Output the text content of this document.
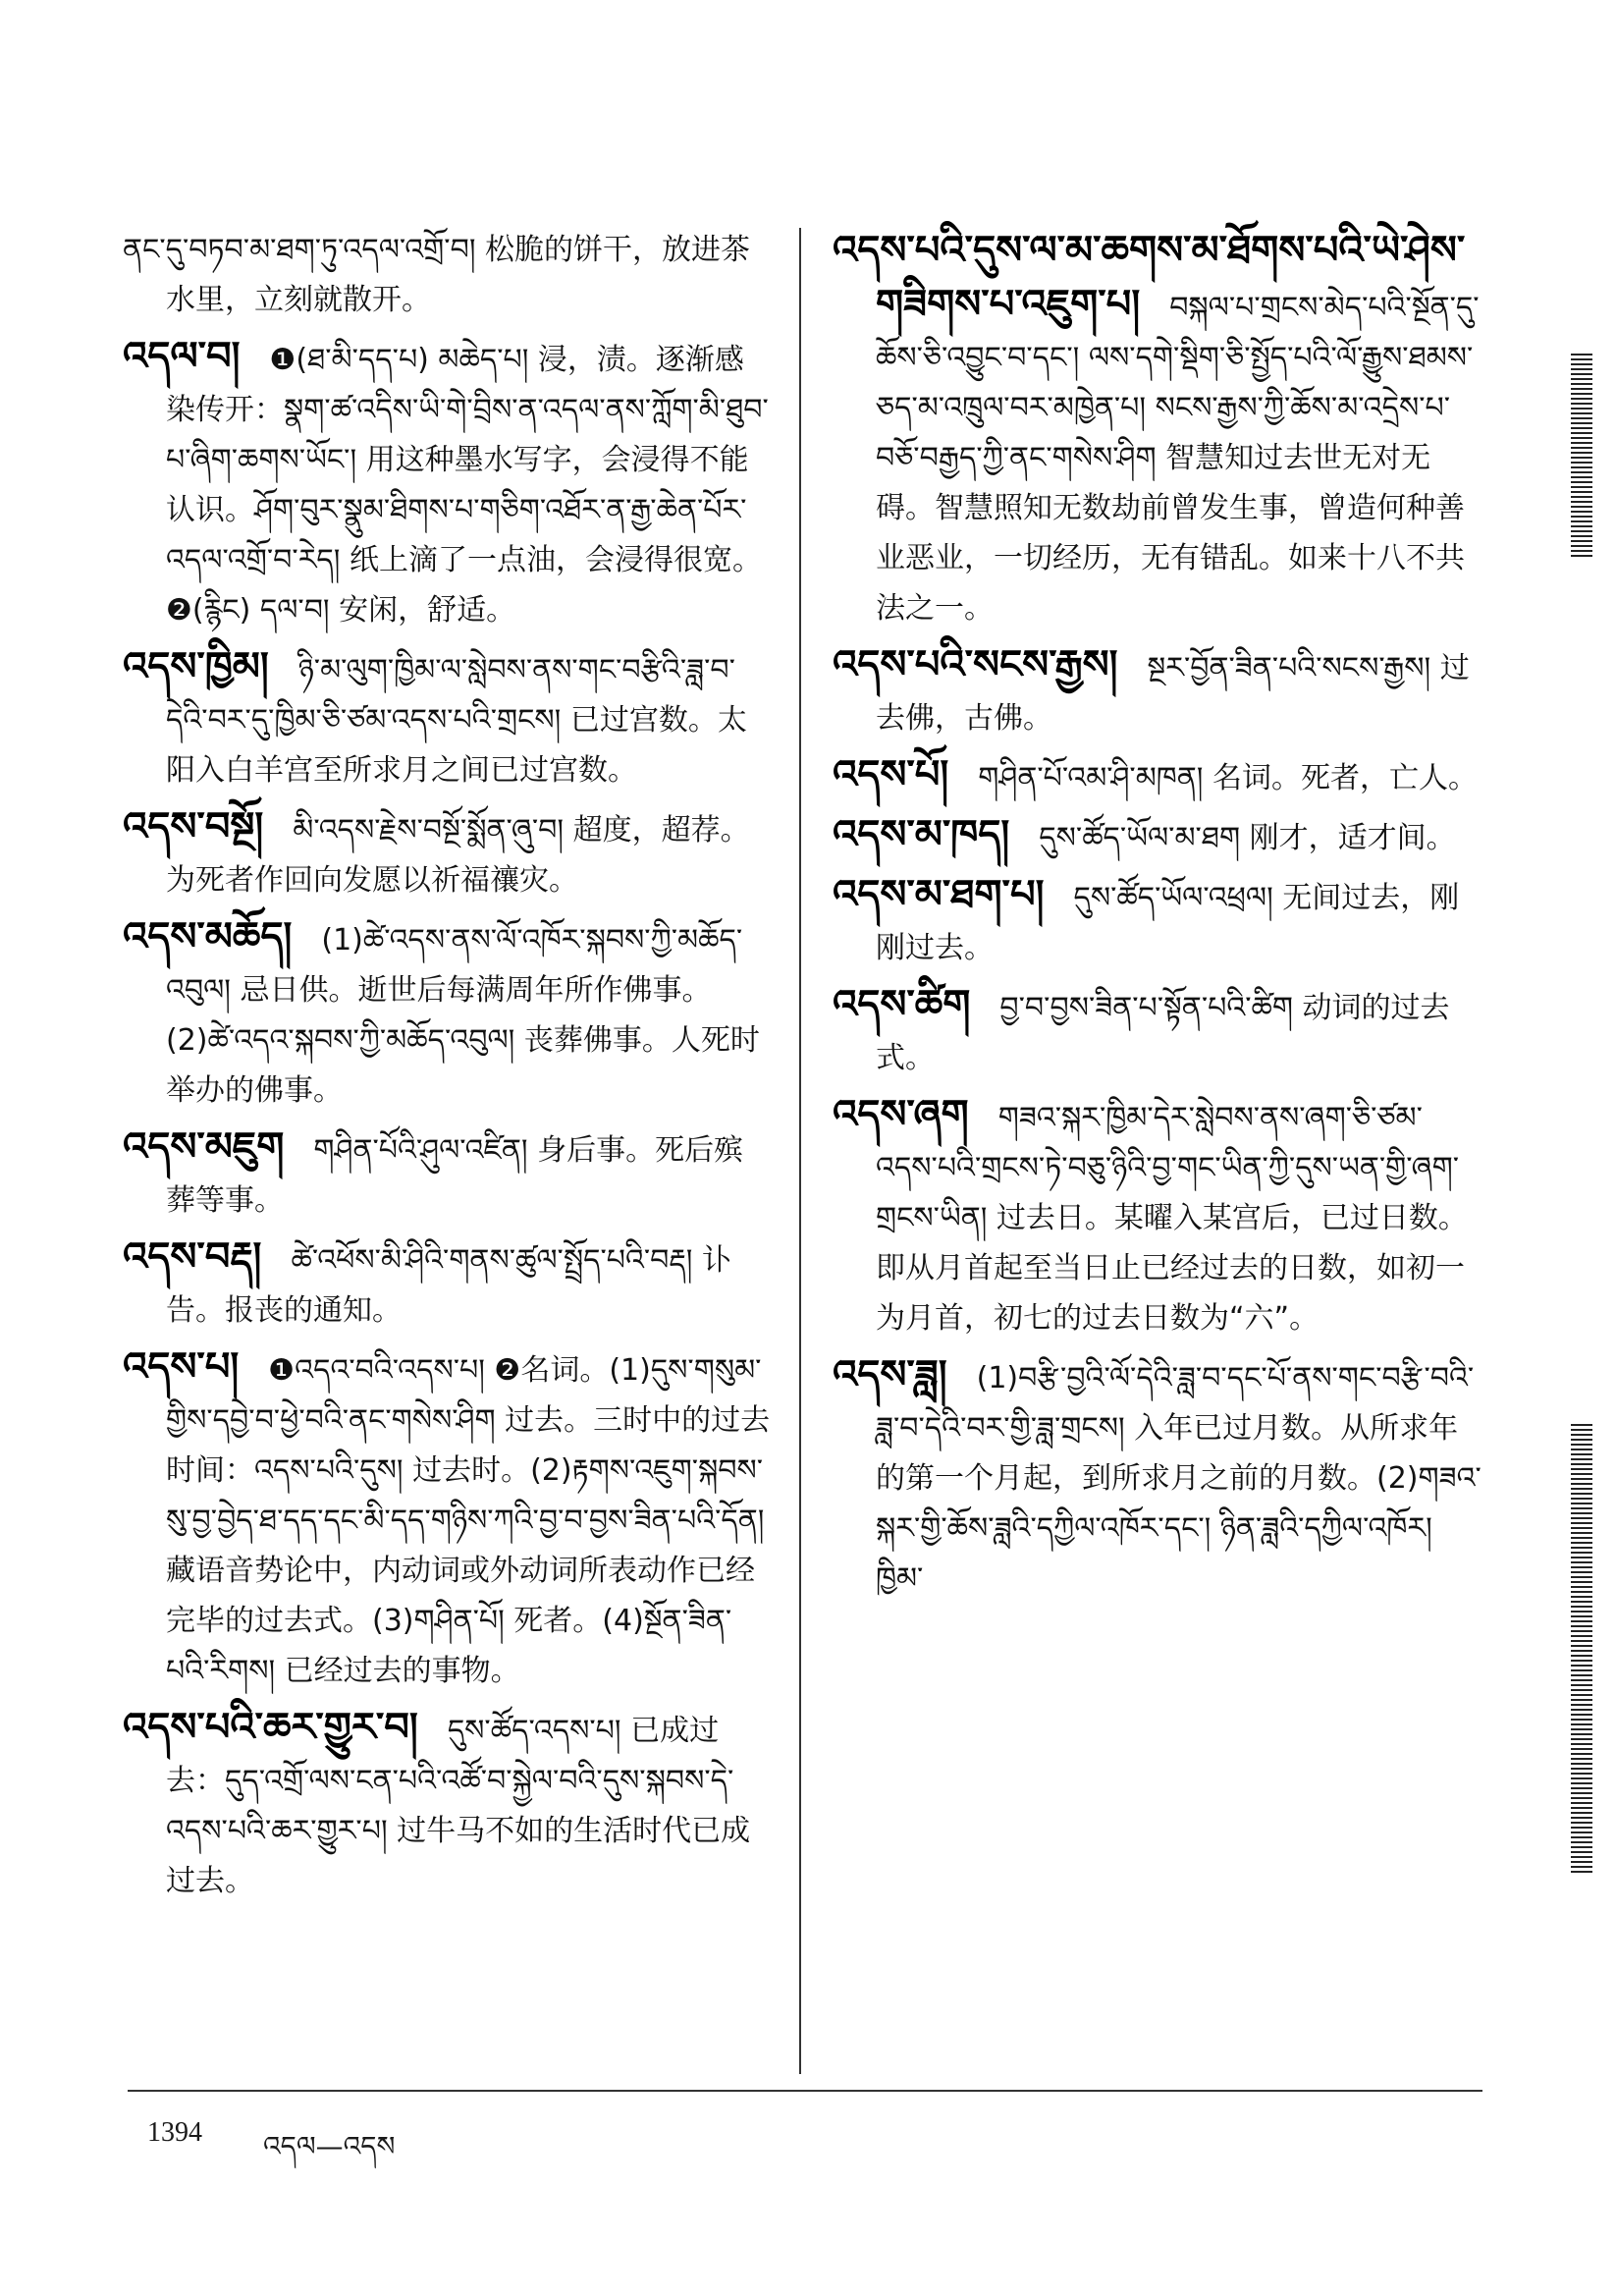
ནང་དུ་བཏབ་མ་ཐག་ཏུ་འདལ་འགྲོ་བ། 松脆的饼干，放进茶水里，立刻就散开。
འདལ་བ། ❶(ཐ་མི་དད་པ) མཆེད་པ། 浸，渍。逐渐感染传开：སྣག་ཚ་འདིས་ཡི་གེ་བྲིས་ན་འདལ་ནས་ཀློག་མི་ཐུབ་པ་ཞིག་ཆགས་ཡོང་། 用这种墨水写字，会浸得不能认识。ཤོག་བུར་སྣུམ་ཐིགས་པ་གཅིག་འཐོར་ན་རྒྱ་ཆེན་པོར་འདལ་འགྲོ་བ་རེད། 纸上滴了一点油，会浸得很宽。❷(རྙིང) དལ་བ། 安闲，舒适。
འདས་ཁྱིམ། ཉི་མ་ལུག་ཁྱིམ་ལ་སླེབས་ནས་གང་བརྩིའི་ཟླ་བ་དེའི་བར་དུ་ཁྱིམ་ཅི་ཙམ་འདས་པའི་གྲངས། 已过宫数。太阳入白羊宫至所求月之间已过宫数。
འདས་བསྔོ། མི་འདས་རྗེས་བསྔོ་སྨོན་ཞུ་བ། 超度，超荐。为死者作回向发愿以祈福禳灾。
འདས་མཆོད། (1)ཚེ་འདས་ནས་ལོ་འཁོར་སྐབས་ཀྱི་མཆོད་འབུལ། 忌日供。逝世后每满周年所作佛事。(2)ཚེ་འདའ་སྐབས་ཀྱི་མཆོད་འབུལ། 丧葬佛事。人死时举办的佛事。
འདས་མཇུག གཤིན་པོའི་ཤུལ་འཛིན། 身后事。死后殡葬等事。
འདས་བརྡ། ཚེ་འཕོས་མི་ཤིའི་གནས་ཚུལ་སྤྲོད་པའི་བརྡ། 讣告。报丧的通知。
འདས་པ། ❶འདའ་བའི་འདས་པ། ❷名词。(1)དུས་གསུམ་གྱིས་དབྱེ་བ་ཕྱེ་བའི་ནང་གསེས་ཤིག 过去。三时中的过去时间：འདས་པའི་དུས། 过去时。(2)རྟགས་འཇུག་སྐབས་སུ་བྱ་བྱེད་ཐ་དད་དང་མི་དད་གཉིས་ཀའི་བྱ་བ་བྱས་ཟིན་པའི་དོན། 藏语音势论中，内动词或外动词所表动作已经完毕的过去式。(3)གཤིན་པོ། 死者。(4)སྔོན་ཟིན་པའི་རིགས། 已经过去的事物。
འདས་པའི་ཆར་གྱུར་བ། དུས་ཚོད་འདས་པ། 已成过去：དུད་འགྲོ་ལས་ངན་པའི་འཚོ་བ་སྐྱེལ་བའི་དུས་སྐབས་དེ་འདས་པའི་ཆར་གྱུར་པ། 过牛马不如的生活时代已成过去。
འདས་པའི་དུས་ལ་མ་ཆགས་མ་ཐོགས་པའི་ཡེ་ཤེས་གཟིགས་པ་འཇུག་པ། བསྐལ་པ་གྲངས་མེད་པའི་སྔོན་དུ་ཆོས་ཅི་འབྱུང་བ་དང་། ལས་དགེ་སྡིག་ཅི་སྤྱོད་པའི་ལོ་རྒྱུས་ཐམས་ཅད་མ་འཁྲུལ་བར་མཁྱེན་པ། སངས་རྒྱས་ཀྱི་ཆོས་མ་འདྲེས་པ་བཅོ་བརྒྱད་ཀྱི་ནང་གསེས་ཤིག 智慧知过去世无对无碍。智慧照知无数劫前曾发生事，曾造何种善业恶业，一切经历，无有错乱。如来十八不共法之一。
འདས་པའི་སངས་རྒྱས། སྔར་བྱོན་ཟིན་པའི་སངས་རྒྱས། 过去佛，古佛。
འདས་པོ། གཤིན་པོ་འམ་ཤི་མཁན། 名词。死者，亡人。
འདས་མ་ཁད། དུས་ཚོད་ཡོལ་མ་ཐག 刚才，适才间。
འདས་མ་ཐག་པ། དུས་ཚོད་ཡོལ་འཕྲལ། 无间过去，刚刚过去。
འདས་ཚིག བྱ་བ་བྱས་ཟིན་པ་སྟོན་པའི་ཚིག 动词的过去式。
འདས་ཞག གཟའ་སྐར་ཁྱིམ་དེར་སླེབས་ནས་ཞག་ཅི་ཙམ་འདས་པའི་གྲངས་ཏེ་བཅུ་ཉིའི་བྱ་གང་ཡིན་ཀྱི་དུས་ཡན་གྱི་ཞག་གྲངས་ཡིན། 过去日。某曜入某宫后，已过日数。即从月首起至当日止已经过去的日数，如初一为月首，初七的过去日数为“六”。
འདས་ཟླ། (1)བརྩི་བྱའི་ལོ་དེའི་ཟླ་བ་དང་པོ་ནས་གང་བརྩི་བའི་ཟླ་བ་དེའི་བར་གྱི་ཟླ་གྲངས། 入年已过月数。从所求年的第一个月起，到所求月之前的月数。(2)གཟའ་སྐར་གྱི་ཆོས་ཟླའི་དཀྱིལ་འཁོར་དང་། ཉིན་ཟླའི་དཀྱིལ་འཁོར། ཁྱིམ་
1394 འདལ—འདས
